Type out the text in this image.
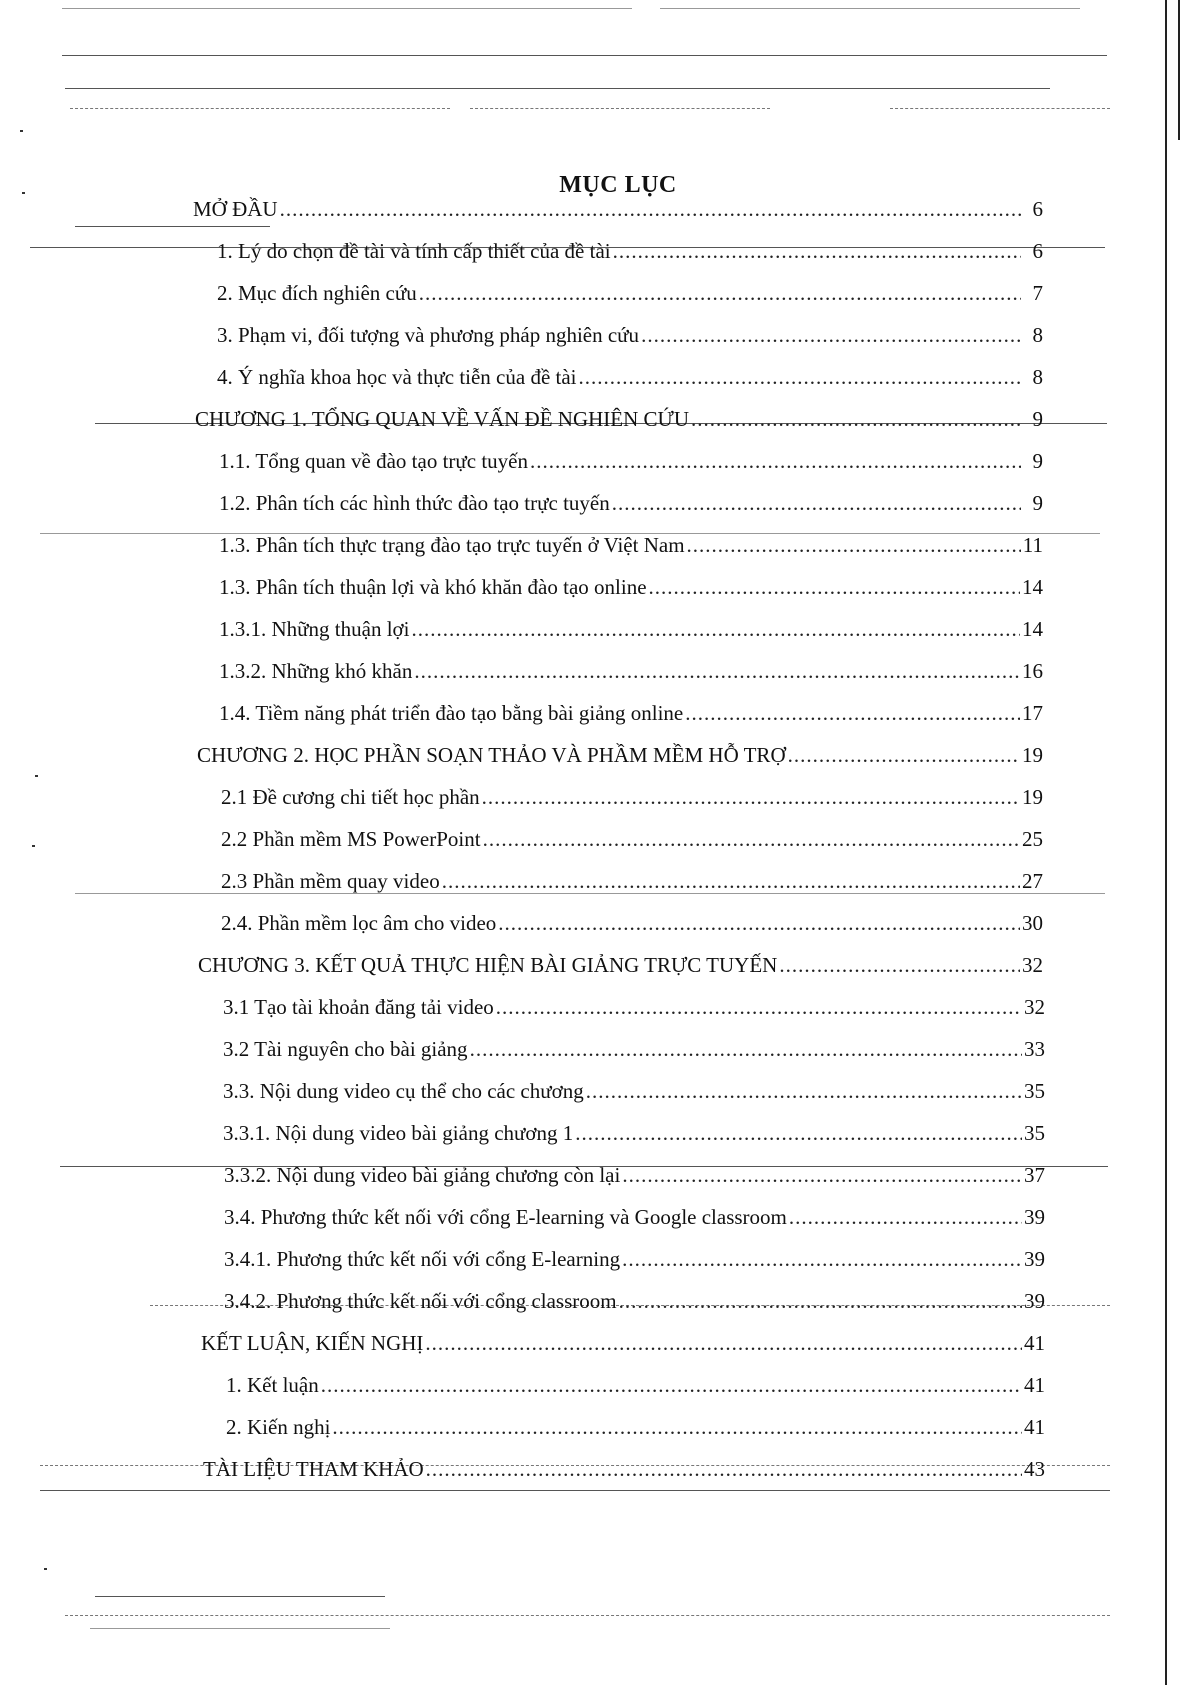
MỤC LỤC
MỞ ĐẦU .....	6
1. Lý do chọn đề tài và tính cấp thiết của đề tài .....	6
2. Mục đích nghiên cứu .....	7
3. Phạm vi, đối tượng và phương pháp nghiên cứu .....	8
4. Ý nghĩa khoa học và thực tiễn của đề tài .....	8
CHƯƠNG 1. TỔNG QUAN VỀ VẤN ĐỀ NGHIÊN CỨU .....	9
1.1. Tổng quan về đào tạo trực tuyến .....	9
1.2. Phân tích các hình thức đào tạo trực tuyến .....	9
1.3. Phân tích thực trạng đào tạo trực tuyến ở Việt Nam .....	11
1.3. Phân tích thuận lợi và khó khăn đào tạo online .....	14
1.3.1. Những thuận lợi .....	14
1.3.2. Những khó khăn .....	16
1.4. Tiềm năng phát triển đào tạo bằng bài giảng online .....	17
CHƯƠNG 2. HỌC PHẦN SOẠN THẢO VÀ PHẦM MỀM HỖ TRỢ .....	19
2.1 Đề cương chi tiết học phần .....	19
2.2 Phần mềm MS PowerPoint .....	25
2.3 Phần mềm quay video .....	27
2.4. Phần mềm lọc âm cho video .....	30
CHƯƠNG 3. KẾT QUẢ THỰC HIỆN BÀI GIẢNG TRỰC TUYẾN .....	32
3.1 Tạo tài khoản đăng tải video .....	32
3.2 Tài nguyên cho bài giảng .....	33
3.3. Nội dung video cụ thể cho các chương .....	35
3.3.1. Nội dung video bài giảng chương 1 .....	35
3.3.2. Nội dung video bài giảng chương còn lại .....	37
3.4. Phương thức kết nối với cổng E-learning và Google classroom .....	39
3.4.1. Phương thức kết nối với cổng E-learning .....	39
3.4.2. Phương thức kết nối với cổng classroom .....	39
KẾT LUẬN, KIẾN NGHỊ .....	41
1. Kết luận .....	41
2. Kiến nghị .....	41
TÀI LIỆU THAM KHẢO .....	43
